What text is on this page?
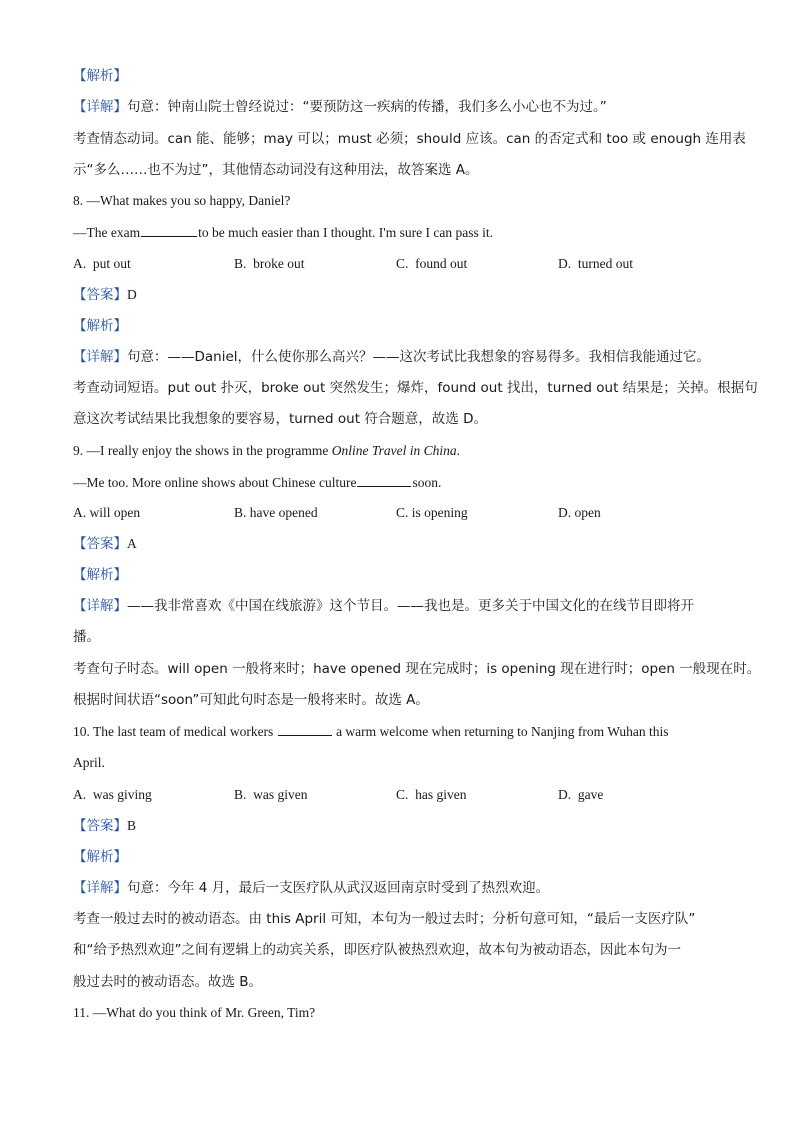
【解析】
【详解】句意：钟南山院士曾经说过：“要预防这一疾病的传播，我们多么小心也不为过。”
考查情态动词。can 能、能够；may 可以；must 必须；should 应该。can 的否定式和 too 或 enough 连用表
示“多么……也不为过”，其他情态动词没有这种用法，故答案选 A。
8. —What makes you so happy, Daniel?
—The exam	to be much easier than I thought. I'm sure I can pass it.
A. put out	B. broke out	C. found out	D. turned out
【答案】D
【解析】
【详解】句意：——Daniel，什么使你那么高兴？——这次考试比我想象的容易得多。我相信我能通过它。
考查动词短语。put out 扑灭，broke out 突然发生；爆炸，found out 找出，turned out 结果是；关掉。根据句
意这次考试结果比我想象的要容易，turned out 符合题意，故选 D。
9. —I really enjoy the shows in the programme Online Travel in China.
—Me too. More online shows about Chinese culture	soon.
A. will open	B. have opened	C. is opening	D. open
【答案】A
【解析】
【详解】——我非常喜欢《中国在线旅游》这个节目。——我也是。更多关于中国文化的在线节目即将开
播。
考查句子时态。will open 一般将来时；have opened 现在完成时；is opening 现在进行时；open 一般现在时。
根据时间状语“soon”可知此句时态是一般将来时。故选 A。
10. The last team of medical workers	a warm welcome when returning to Nanjing from Wuhan this
April.
A. was giving	B. was given	C. has given	D. gave
【答案】B
【解析】
【详解】句意：今年 4 月，最后一支医疗队从武汉返回南京时受到了热烈欢迎。
考查一般过去时的被动语态。由 this April 可知，本句为一般过去时；分析句意可知，“最后一支医疗队”
和“给予热烈欢迎”之间有逻辑上的动宾关系，即医疗队被热烈欢迎，故本句为被动语态，因此本句为一
般过去时的被动语态。故选 B。
11. —What do you think of Mr. Green, Tim?
